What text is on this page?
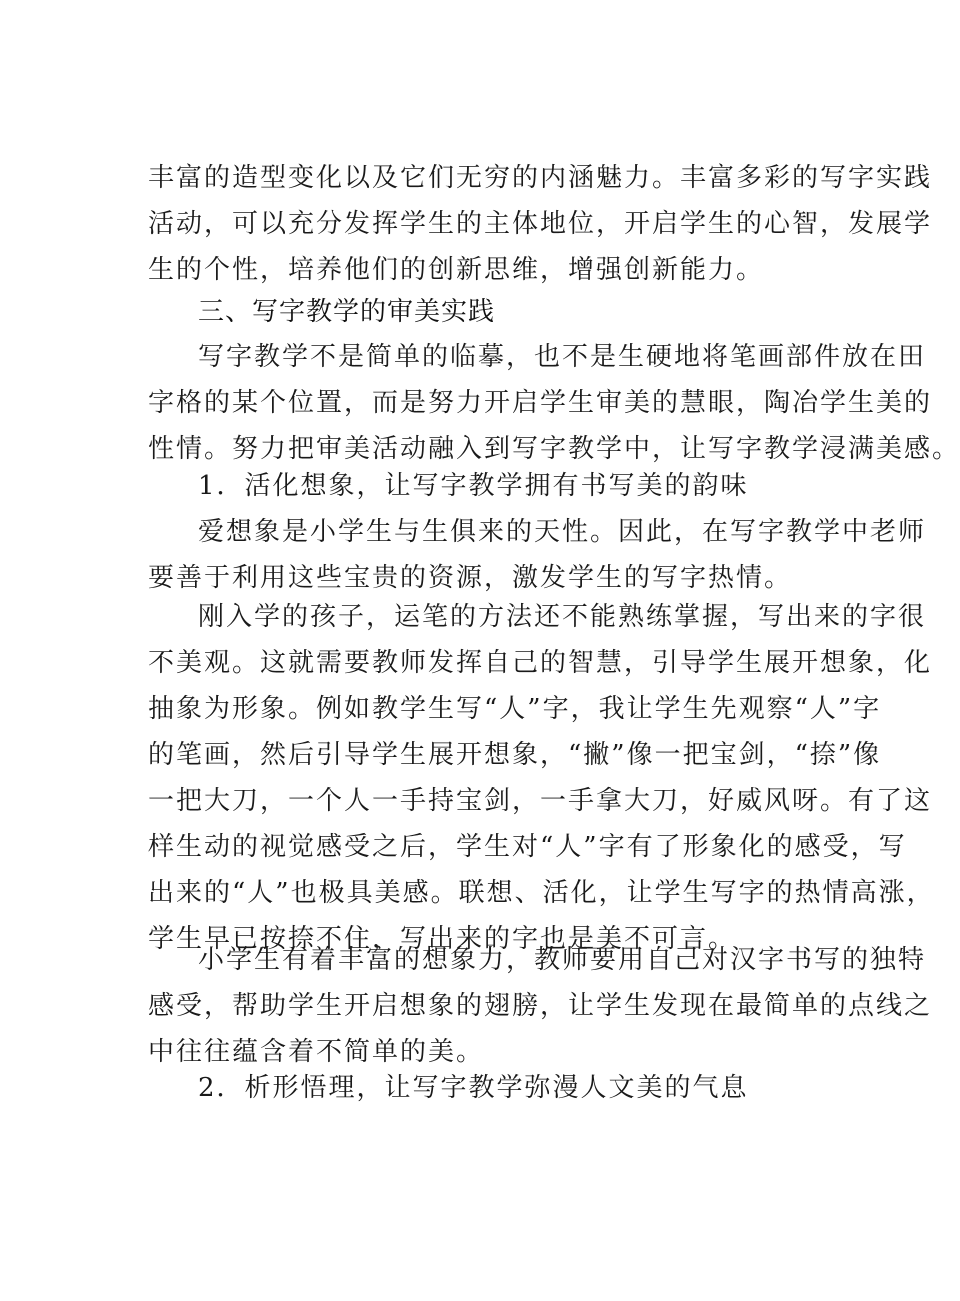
丰富的造型变化以及它们无穷的内涵魅力。丰富多彩的写字实践
活动，可以充分发挥学生的主体地位，开启学生的心智，发展学
生的个性，培养他们的创新思维，增强创新能力。
三、写字教学的审美实践
写字教学不是简单的临摹，也不是生硬地将笔画部件放在田
字格的某个位置，而是努力开启学生审美的慧眼，陶冶学生美的
性情。努力把审美活动融入到写字教学中，让写字教学浸满美感。
1．活化想象，让写字教学拥有书写美的韵味
爱想象是小学生与生俱来的天性。因此，在写字教学中老师
要善于利用这些宝贵的资源，激发学生的写字热情。
刚入学的孩子，运笔的方法还不能熟练掌握，写出来的字很
不美观。这就需要教师发挥自己的智慧，引导学生展开想象，化
抽象为形象。例如教学生写“人”字，我让学生先观察“人”字
的笔画，然后引导学生展开想象，“撇”像一把宝剑，“捺”像
一把大刀，一个人一手持宝剑，一手拿大刀，好威风呀。有了这
样生动的视觉感受之后，学生对“人”字有了形象化的感受，写
出来的“人”也极具美感。联想、活化，让学生写字的热情高涨，
学生早已按捺不住，写出来的字也是美不可言。
小学生有着丰富的想象力，教师要用自己对汉字书写的独特
感受，帮助学生开启想象的翅膀，让学生发现在最简单的点线之
中往往蕴含着不简单的美。
2．析形悟理，让写字教学弥漫人文美的气息
